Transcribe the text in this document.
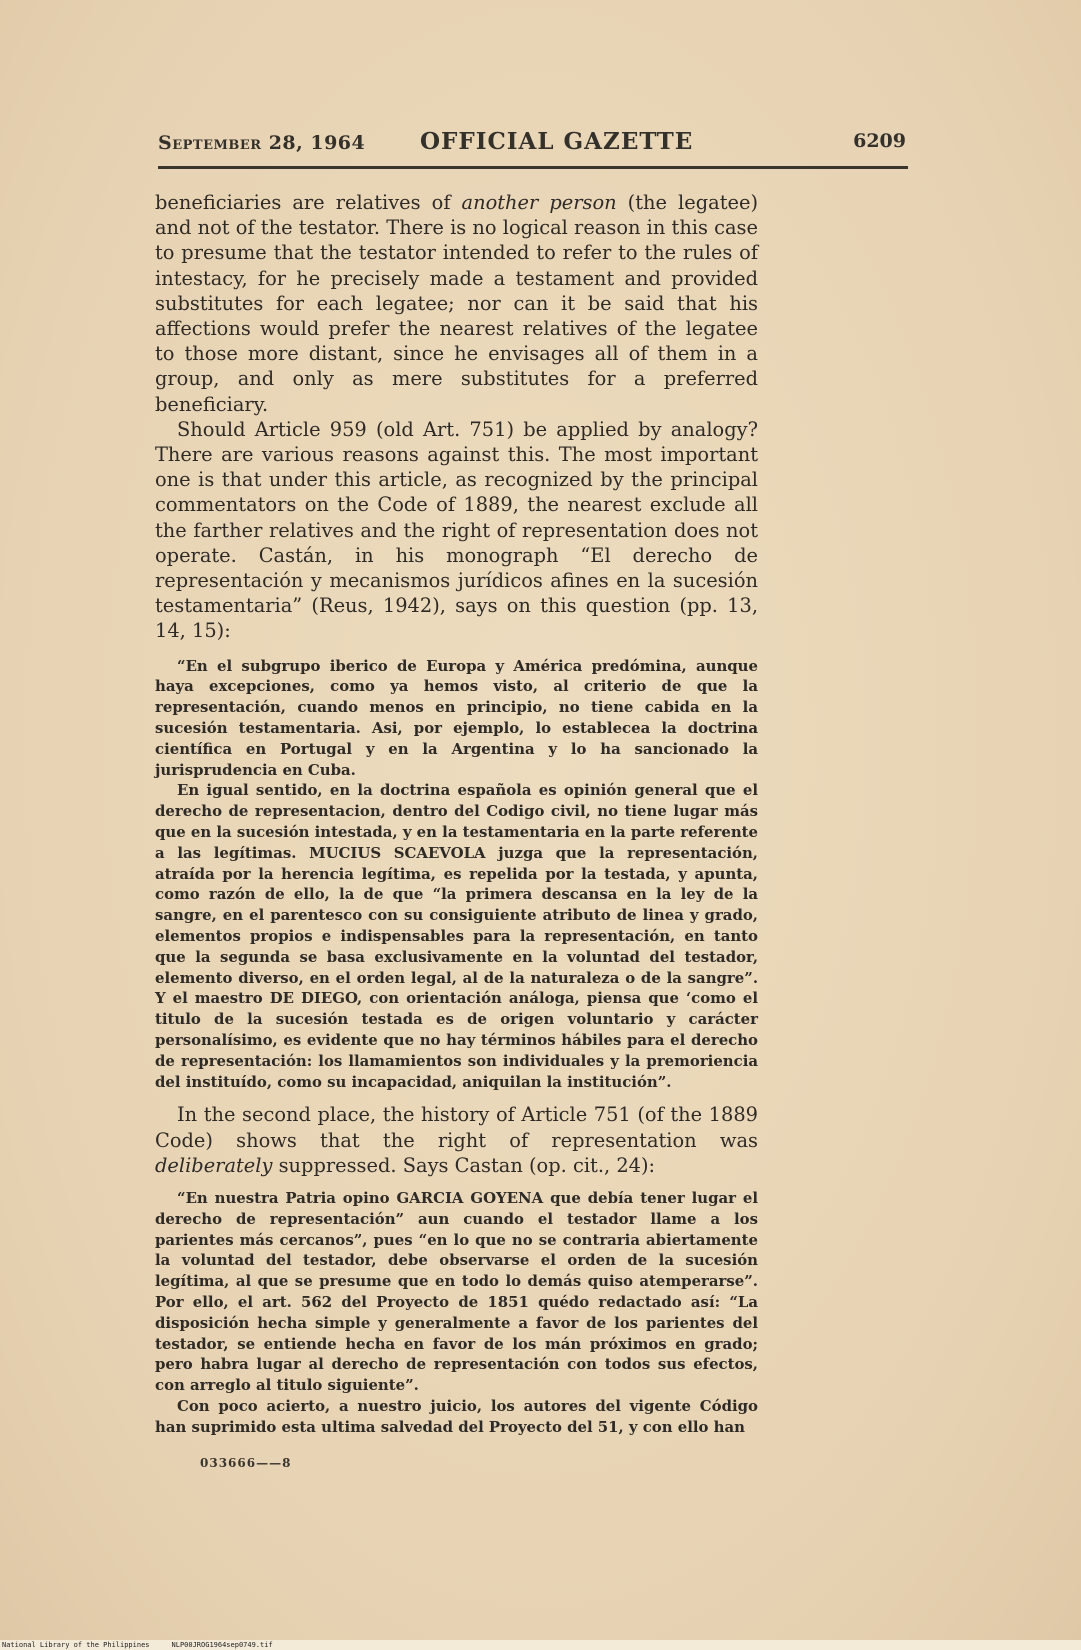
September 28, 1964 OFFICIAL GAZETTE	6209

beneficiaries are relatives of another person (the legatee) and not of the testator. There is no logical reason in this case to presume that the testator intended to refer to the rules of intestacy, for he precisely made a testament and provided substitutes for each legatee; nor can it be said that his affections would prefer the nearest relatives of the legatee to those more distant, since he envisages all of them in a group, and only as mere substitutes for a preferred beneficiary.

Should Article 959 (old Art. 751) be applied by analogy? There are various reasons against this. The most important one is that under this article, as recognized by the principal commentators on the Code of 1889, the nearest exclude all the farther relatives and the right of representation does not operate. Castán, in his monograph “El derecho de representación y mecanismos jurídicos afines en la sucesión testamentaria” (Reus, 1942), says on this question (pp. 13, 14, 15):

“En el subgrupo iberico de Europa y América predómina, aunque haya excepciones, como ya hemos visto, al criterio de que la representación, cuando menos en principio, no tiene cabida en la sucesión testamentaria. Asi, por ejemplo, lo establecea la doctrina científica en Portugal y en la Argentina y lo ha sancionado la jurisprudencia en Cuba.

En igual sentido, en la doctrina española es opinión general que el derecho de representacion, dentro del Codigo civil, no tiene lugar más que en la sucesión intestada, y en la testamentaria en la parte referente a las legítimas. MUCIUS SCAEVOLA juzga que la representación, atraída por la herencia legítima, es repelida por la testada, y apunta, como razón de ello, la de que “la primera descansa en la ley de la sangre, en el parentesco con su consiguiente atributo de linea y grado, elementos propios e indispensables para la representación, en tanto que la segunda se basa exclusivamente en la voluntad del testador, elemento diverso, en el orden legal, al de la naturaleza o de la sangre”. Y el maestro DE DIEGO, con orientación análoga, piensa que ‘como el titulo de la sucesión testada es de origen voluntario y carácter personalísimo, es evidente que no hay términos hábiles para el derecho de representación: los llamamientos son individuales y la premoriencia del instituído, como su incapacidad, aniquilan la institución”.

In the second place, the history of Article 751 (of the 1889 Code) shows that the right of representation was deliberately suppressed. Says Castan (op. cit., 24):

“En nuestra Patria opino GARCIA GOYENA que debía tener lugar el derecho de representación” aun cuando el testador llame a los parientes más cercanos”, pues “en lo que no se contraria abiertamente la voluntad del testador, debe observarse el orden de la sucesión legítima, al que se presume que en todo lo demás quiso atemperarse”. Por ello, el art. 562 del Proyecto de 1851 quédo redactado así: “La disposición hecha simple y generalmente a favor de los parientes del testador, se entiende hecha en favor de los mán próximos en grado; pero habra lugar al derecho de representación con todos sus efectos, con arreglo al titulo siguiente”.

Con poco acierto, a nuestro juicio, los autores del vigente Código han suprimido esta ultima salvedad del Proyecto del 51, y con ello han

033666——8
National Library of the Philippines	NLP00JROG1964sep0749.tif
